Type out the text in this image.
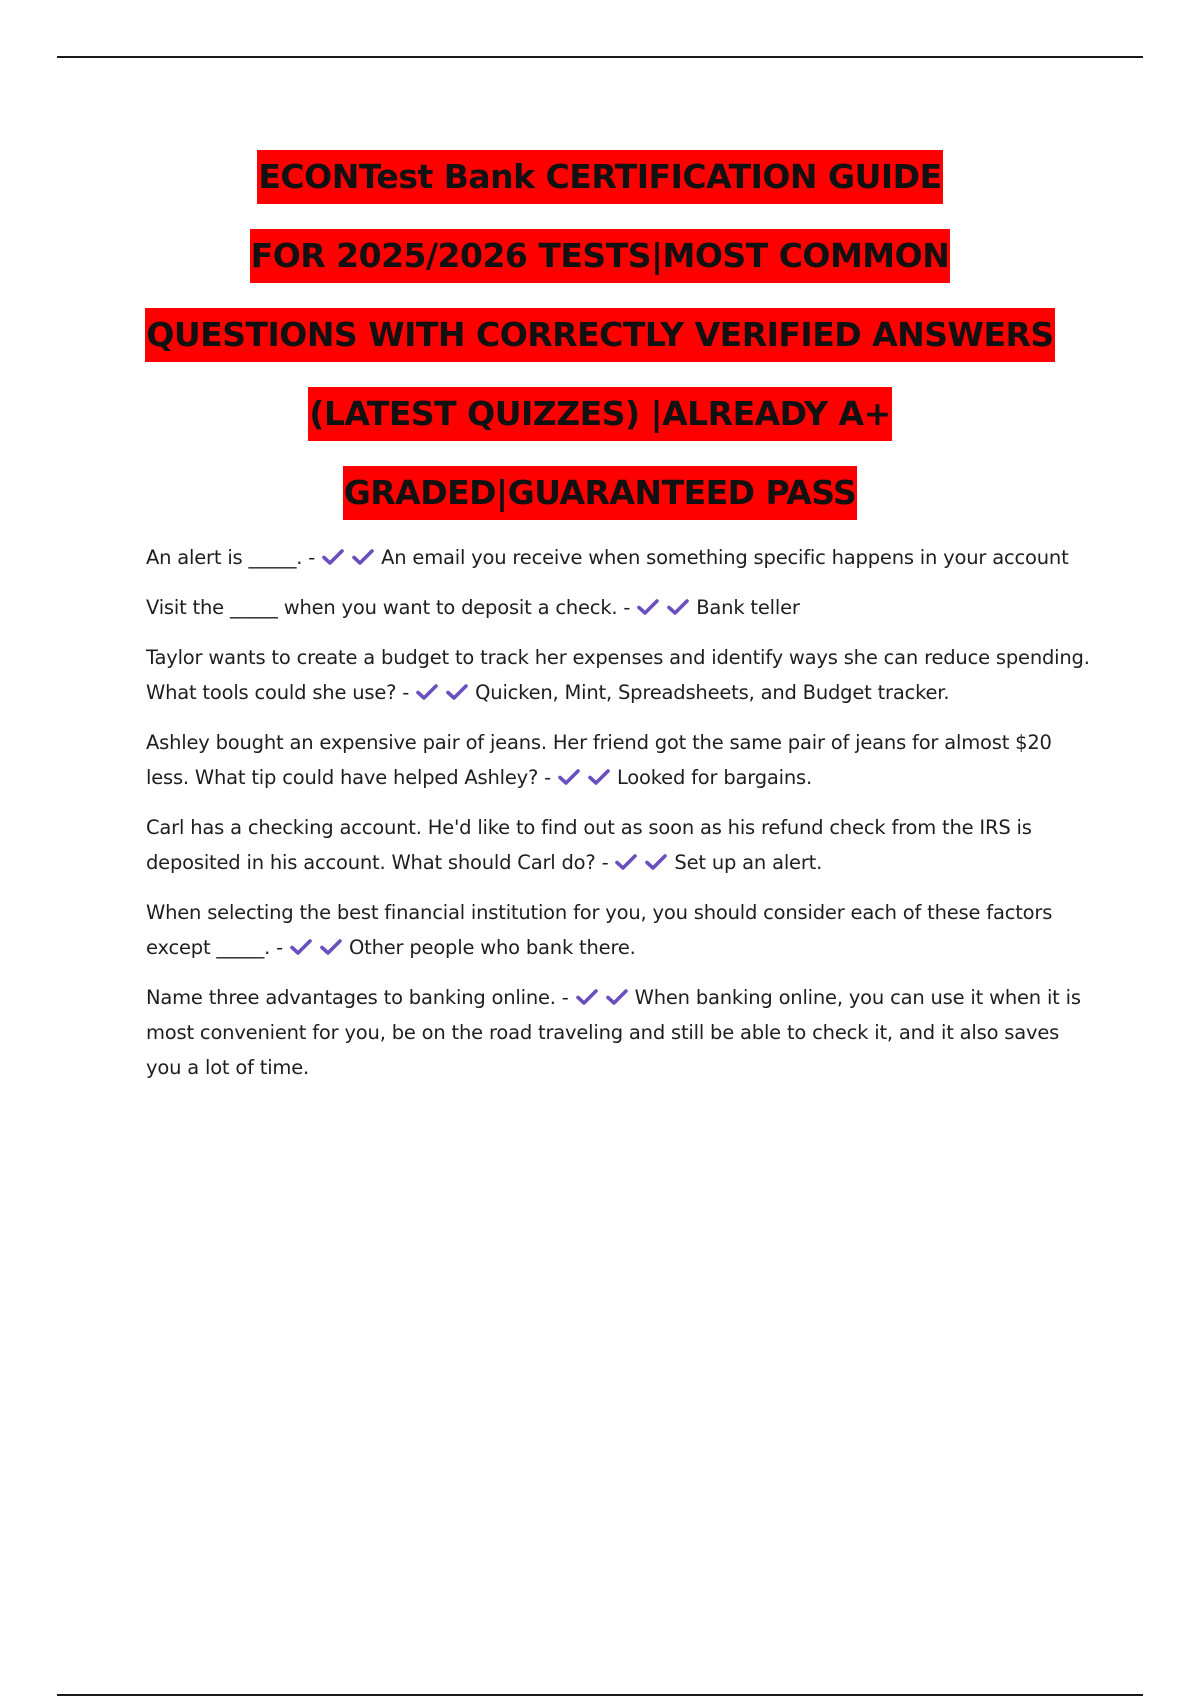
ECONTest Bank CERTIFICATION GUIDE
FOR 2025/2026 TESTS|MOST COMMON
QUESTIONS WITH CORRECTLY VERIFIED ANSWERS
(LATEST QUIZZES) |ALREADY A+
GRADED|GUARANTEED PASS

An alert is _____. -	An email you receive when something specific happens in your account

Visit the _____ when you want to deposit a check. -	Bank teller

Taylor wants to create a budget to track her expenses and identify ways she can reduce spending. What tools could she use? -	Quicken, Mint, Spreadsheets, and Budget tracker.

Ashley bought an expensive pair of jeans. Her friend got the same pair of jeans for almost $20 less. What tip could have helped Ashley? -	Looked for bargains.

Carl has a checking account. He'd like to find out as soon as his refund check from the IRS is deposited in his account. What should Carl do? -	Set up an alert.

When selecting the best financial institution for you, you should consider each of these factors except _____. -	Other people who bank there.

Name three advantages to banking online. -	When banking online, you can use it when it is most convenient for you, be on the road traveling and still be able to check it, and it also saves you a lot of time.
